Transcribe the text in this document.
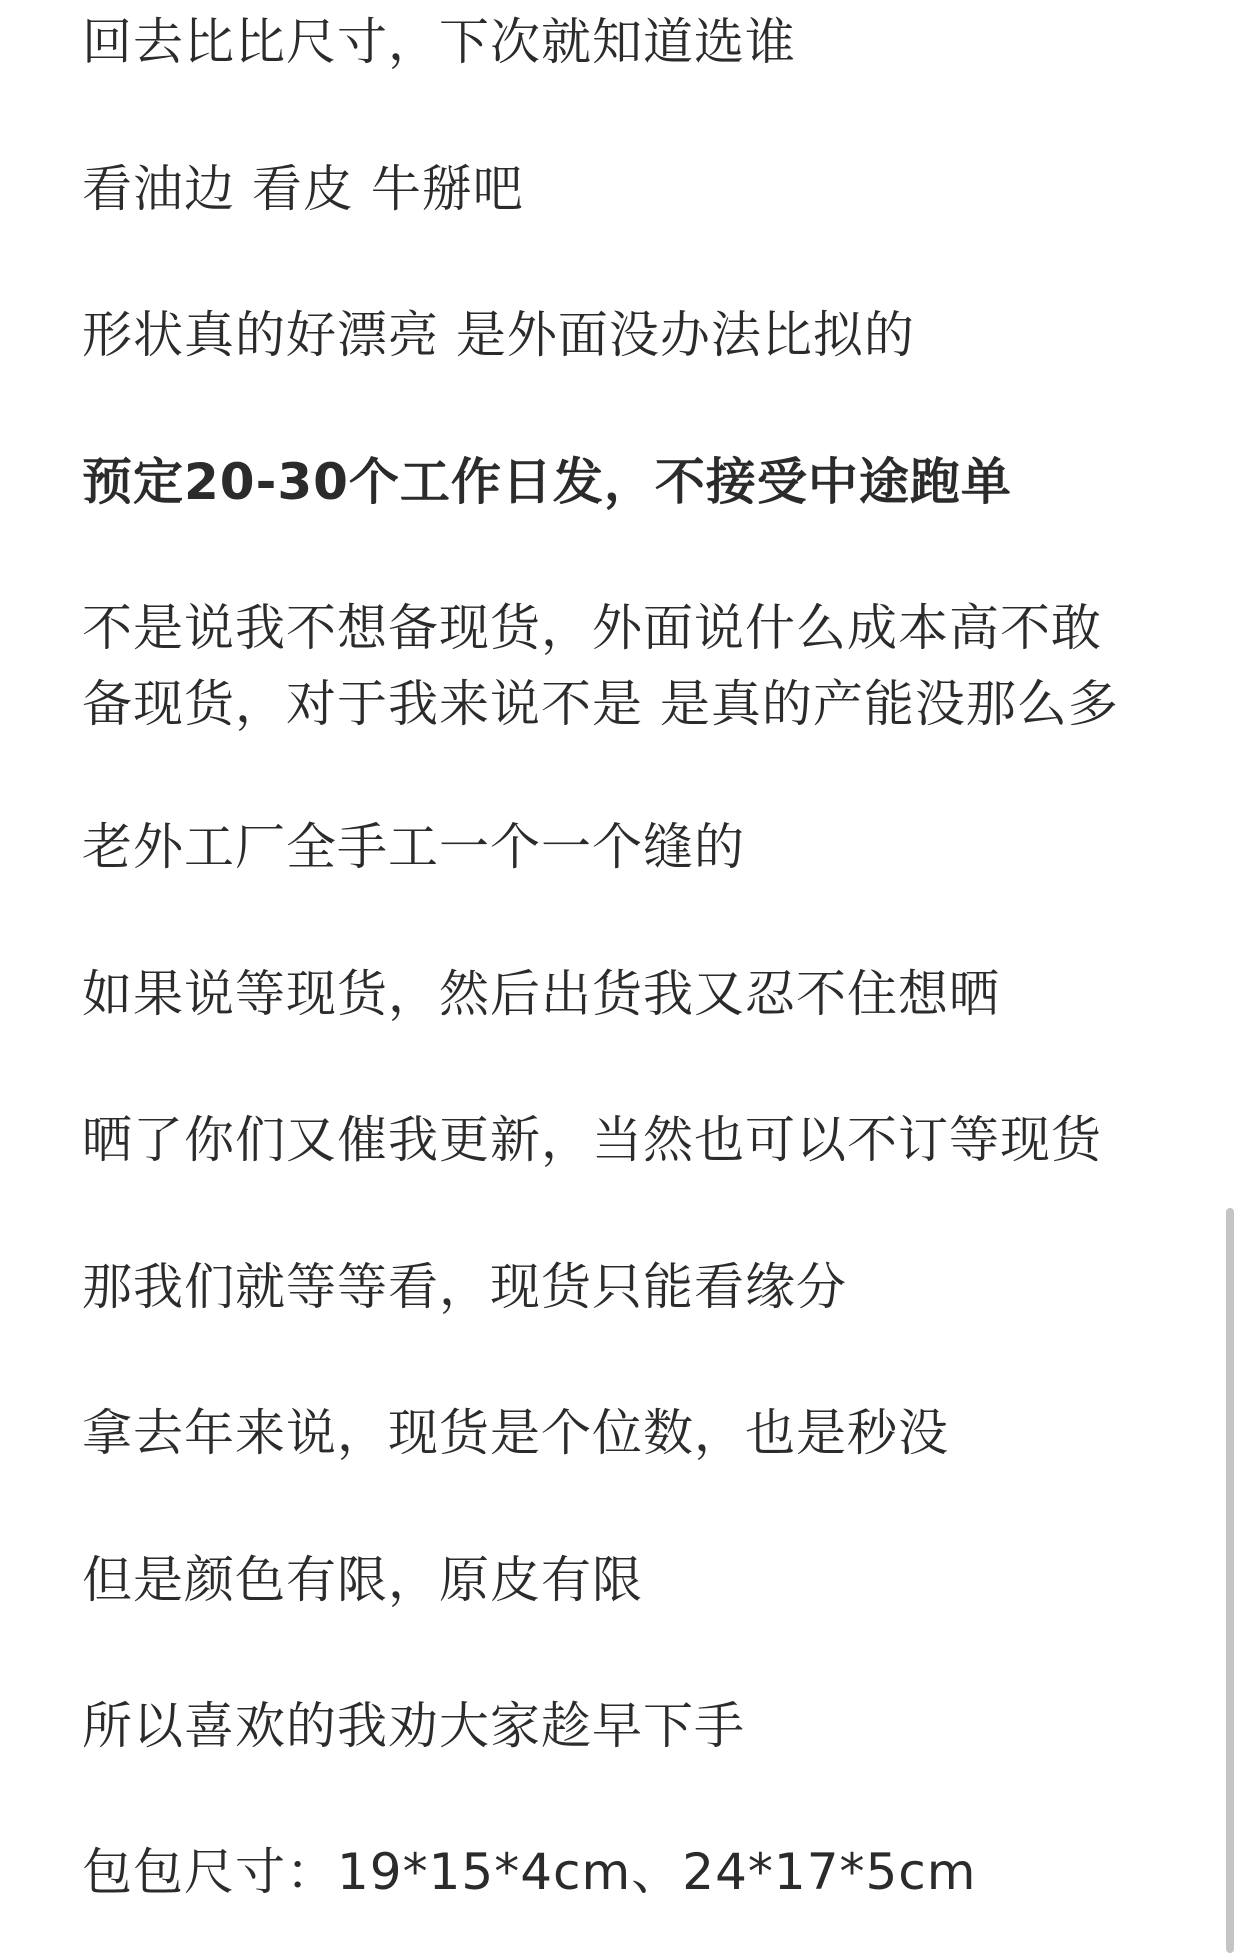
回去比比尺寸，下次就知道选谁

看油边 看皮 牛掰吧

形状真的好漂亮 是外面没办法比拟的

预定20-30个工作日发，不接受中途跑单

不是说我不想备现货，外面说什么成本高不敢

备现货，对于我来说不是 是真的产能没那么多

老外工厂全手工一个一个缝的

如果说等现货，然后出货我又忍不住想晒

晒了你们又催我更新，当然也可以不订等现货

那我们就等等看，现货只能看缘分

拿去年来说，现货是个位数，也是秒没

但是颜色有限，原皮有限

所以喜欢的我劝大家趁早下手

包包尺寸：19*15*4cm、24*17*5cm
